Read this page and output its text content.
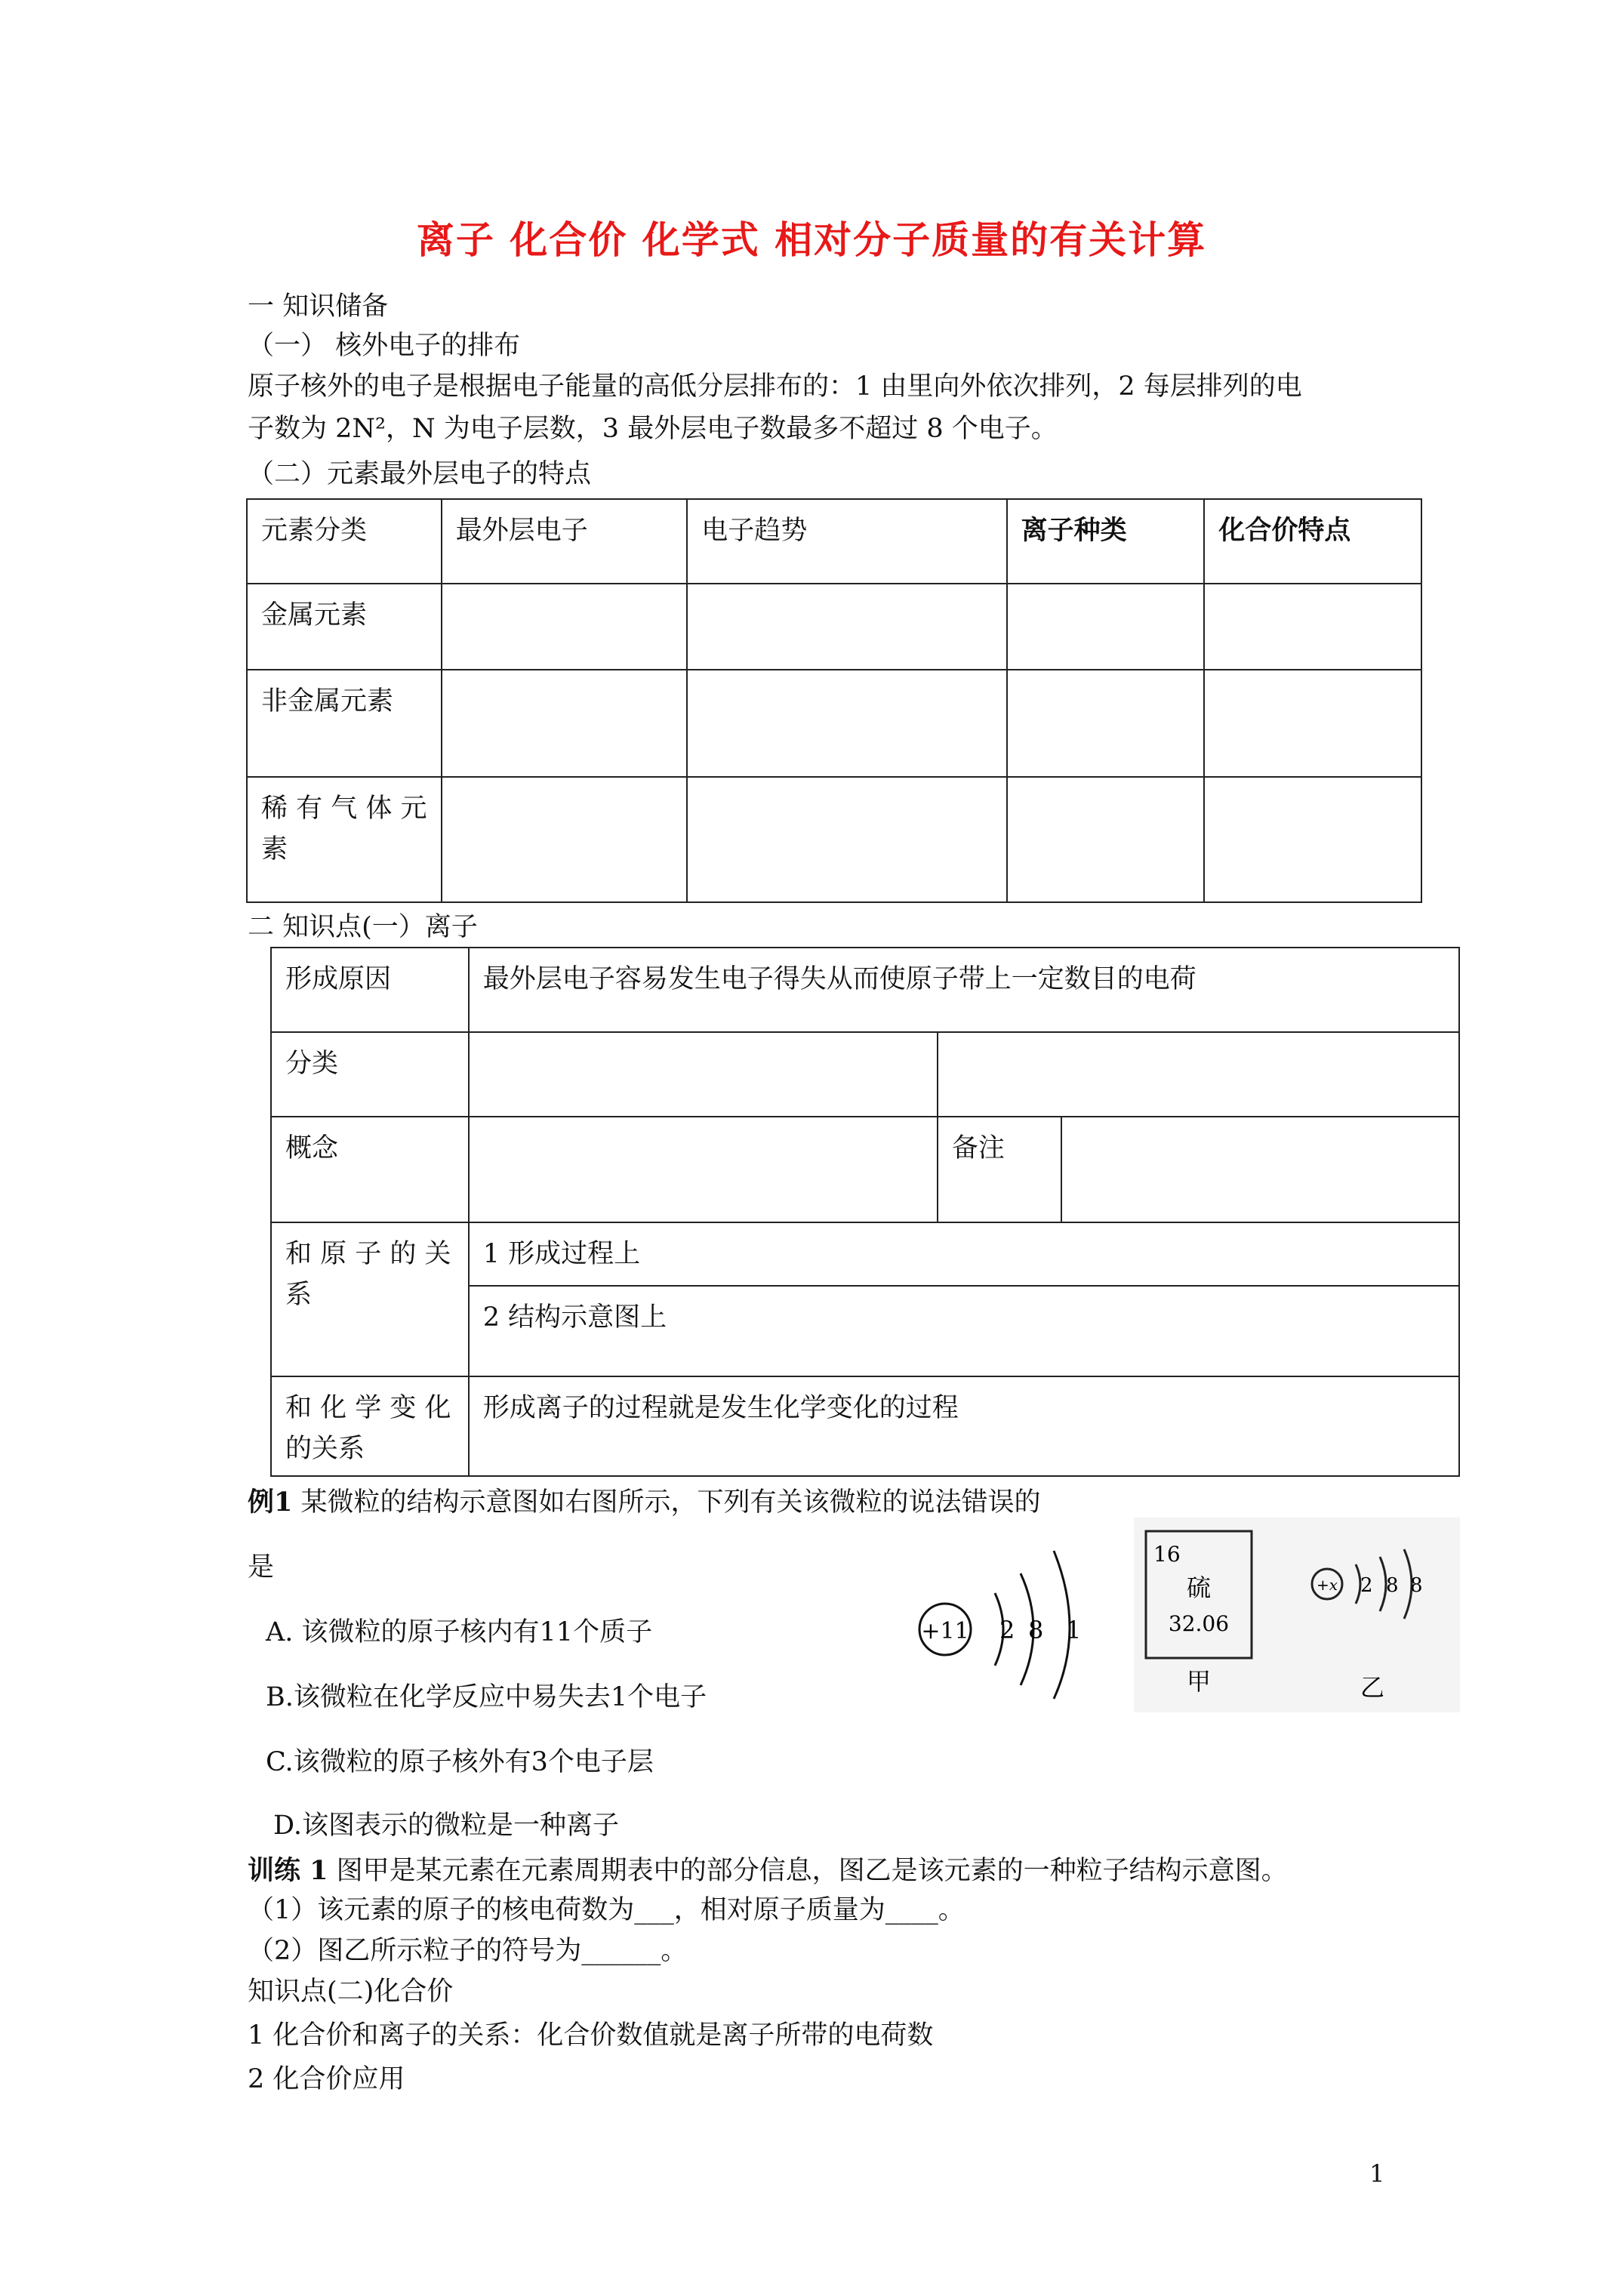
离子 化合价 化学式 相对分子质量的有关计算
一 知识储备
（一） 核外电子的排布
原子核外的电子是根据电子能量的高低分层排布的：1 由里向外依次排列，2 每层排列的电
子数为 2N²，N 为电子层数，3 最外层电子数最多不超过 8 个电子。
（二）元素最外层电子的特点
元素分类	最外层电子	电子趋势	离子种类	化合价特点
金属元素				
非金属元素				
稀 有 气 体 元 素				
二 知识点(一）离子
形成原因	最外层电子容易发生电子得失从而使原子带上一定数目的电荷		
分类			
概念		备注	
和 原 子 的 关 系	1 形成过程上		
	2 结构示意图上		
和 化 学 变 化 的关系	形成离子的过程就是发生化学变化的过程		
例1 某微粒的结构示意图如右图所示，下列有关该微粒的说法错误的
是
A. 该微粒的原子核内有11个质子
B.该微粒在化学反应中易失去1个电子
C.该微粒的原子核外有3个电子层
D.该图表示的微粒是一种离子
+11 2 8 1
16
硫
32.06
甲
+x 2 8 8
乙
训练 1 图甲是某元素在元素周期表中的部分信息，图乙是该元素的一种粒子结构示意图。
（1）该元素的原子的核电荷数为___，相对原子质量为____。
（2）图乙所示粒子的符号为______。
知识点(二)化合价
1 化合价和离子的关系：化合价数值就是离子所带的电荷数
2 化合价应用
1
